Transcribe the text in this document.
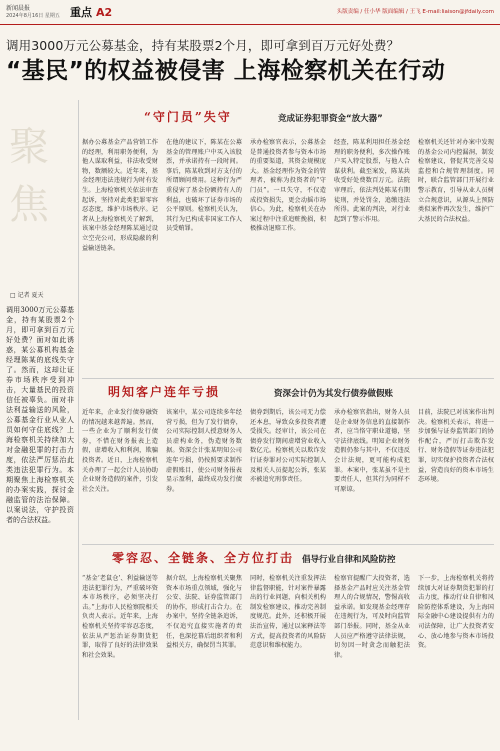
新闻晨报
2024年8月16日 星期五 重点 A2	头版责编 / 任小华 版面编辑 / 王飞 E-mail:liaison@jfdaily.com
调用3000万元公募基金，持有某股票2个月，即可拿到百万元好处费？
“基民”的权益被侵害 上海检察机关在行动
聚
焦
□ 记者 夏天
调用3000万元公募基金，持有某股票2个月，即可拿到百万元好处费？面对如此诱惑，某公募机构基金经理陈某的底线失守了。然而，这却让证券市场秩序受到冲击，大量基民的投资信任被辜负。面对非法利益输送的风险，公募基金行业从业人员如何守住底线？上海检察机关持续加大对金融犯罪的打击力度，依法严厉惩治此类违法犯罪行为。本期聚焦上海检察机关的办案实践，探讨金融监管的法治保障。以案说法，守护投资者的合法权益。
“守门员”失守	竞成证券犯罪资金“放大器”
据办公募基金产品营销工作的经理，利用职务便利，为他人谋取利益，非法收受财物，数额较大。近年来，基金经理违法违规行为时有发生。上海检察机关依法审查起诉，坚持对此类犯罪零容忍态度，维护市场秩序。记者从上海检察机关了解到，该案中基金经理陈某通过设立空壳公司，形成隐蔽的利益输送链条。
在他的建议下，陈某在公募基金的管理账户中买入该股票，并承诺持有一段时间。事后，陈某收到对方支付的所谓顾问费用。这种行为严重侵害了基金份额持有人的利益，也破坏了证券市场的公平原则。检察机关认为，其行为已构成非国家工作人员受贿罪。
承办检察官表示，公募基金是普通投资者参与资本市场的重要渠道，其资金规模庞大。基金经理作为资金的管理者，被称为投资者的“守门员”。一旦失守，不仅造成投资损失，更会动摇市场信心。为此，检察机关在办案过程中注重追赃挽损，积极推动退赔工作。
经查，陈某利用担任基金经理的职务便利，多次操作账户买入特定股票，与他人合谋获利。截至案发，陈某共收受好处费数百万元。法院审理后，依法判处陈某有期徒刑，并处罚金，追缴违法所得。此案的判决，对行业起到了警示作用。
检察机关还针对办案中发现的基金公司内控漏洞，制发检察建议，督促其完善交易监控和合规管理制度。同时，联合监管部门开展行业警示教育，引导从业人员树立合规意识，从源头上预防类似案件再次发生，维护广大基民的合法权益。
明知客户连年亏损	资深会计仍为其发行债券做假账
近年来，企业发行债券融资的情况越来越普遍。然而，一些企业为了顺利发行债券，不惜在财务报表上造假，虚增收入和利润，欺骗投资者。近日，上海检察机关办理了一起会计人员协助企业财务造假的案件，引发社会关注。
该案中，某公司连续多年经营亏损，但为了发行债券，公司实际控制人授意财务人员虚构业务，伪造财务数据。资深会计张某明知公司连年亏损，仍按照要求制作虚假账目，使公司财务报表显示盈利，最终成功发行债券。
债券到期后，该公司无力偿还本息，导致众多投资者遭受损失。经审计，该公司在债券发行期间虚增营业收入数亿元。检察机关以欺诈发行证券罪对公司实际控制人及相关人员提起公诉，张某亦被追究刑事责任。
承办检察官指出，财务人员是企业财务信息的直接制作者，应当恪守职业道德，坚守法律底线。明知企业财务造假仍参与其中，不仅违反会计法规，更可能构成犯罪。本案中，张某虽不是主要责任人，但其行为同样不可原谅。
目前，法院已对该案作出判决。检察机关表示，将进一步加强与证券监管部门的协作配合，严厉打击欺诈发行、财务造假等证券违法犯罪，切实保护投资者合法权益，营造良好的资本市场生态环境。
零容忍、全链条、全方位打击 倡导行业自律和风险防控
“基金‘老鼠仓’、利益输送等违法犯罪行为，严重破坏资本市场秩序，必须坚决打击。”上海市人民检察院相关负责人表示。近年来，上海检察机关坚持零容忍态度，依法从严惩治证券期货犯罪，取得了良好的法律效果和社会效果。
据介绍，上海检察机关聚焦资本市场重点领域，强化与公安、法院、证券监管部门的协作，形成打击合力。在办案中，坚持全链条追诉，不仅追究直接实施者的责任，也深挖幕后组织者和利益相关方，确保罚当其罪。
同时，检察机关注重发挥法律监督职能，针对案件暴露出的行业问题，向相关机构制发检察建议，推动完善制度规范。此外，还积极开展法治宣传，通过以案释法等方式，提高投资者的风险防范意识和维权能力。
检察官提醒广大投资者，选择基金产品时应关注基金管理人的合规情况，警惕高收益承诺。如发现基金经理存在违规行为，可及时向监管部门举报。同时，基金从业人员应严格遵守法律法规，切勿因一时贪念而触犯法律。
下一步，上海检察机关将持续加大对证券期货犯罪的打击力度，推动行业自律和风险防控体系建设，为上海国际金融中心建设提供有力的司法保障，让广大投资者安心、放心地参与资本市场投资。
